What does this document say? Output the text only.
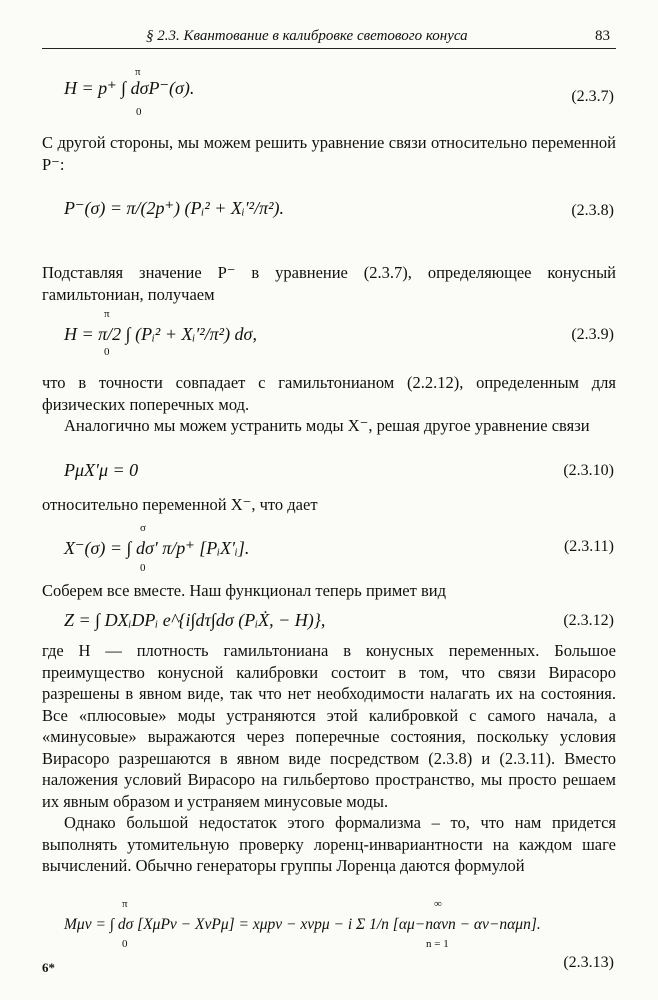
§ 2.3. Квантование в калибровке светового конуса	83
π
0
H = p⁺ ∫ dσP⁻(σ).	(2.3.7)
С другой стороны, мы можем решить уравнение связи относительно переменной P⁻:
P⁻(σ) = π/(2p⁺) (Pᵢ² + Xᵢ′²/π²).	(2.3.8)
Подставляя значение P⁻ в уравнение (2.3.7), определяющее конусный гамильтониан, получаем
π
0
H = π/2 ∫ (Pᵢ² + Xᵢ′²/π²) dσ,	(2.3.9)
что в точности совпадает с гамильтонианом (2.2.12), определенным для физических поперечных мод.
Аналогично мы можем устранить моды X⁻, решая другое уравнение связи
PμX′μ = 0	(2.3.10)
относительно переменной X⁻, что дает
σ
0
X⁻(σ) = ∫ dσ′ π/p⁺ [PᵢX′ᵢ].	(2.3.11)
Соберем все вместе. Наш функционал теперь примет вид
Z = ∫ DXᵢDPᵢ e^{i∫dτ∫dσ (PᵢẊ, − H)},	(2.3.12)
где H — плотность гамильтониана в конусных переменных. Большое преимущество конусной калибровки состоит в том, что связи Вирасоро разрешены в явном виде, так что нет необходимости налагать их на состояния. Все «плюсовые» моды устраняются этой калибровкой с самого начала, а «минусовые» выражаются через поперечные состояния, поскольку условия Вирасоро разрешаются в явном виде посредством (2.3.8) и (2.3.11). Вместо наложения условий Вирасоро на гильбертово пространство, мы просто решаем их явным образом и устраняем минусовые моды.
Однако большой недостаток этого формализма – то, что нам придется выполнять утомительную проверку лоренц-инвариантности на каждом шаге вычислений. Обычно генераторы группы Лоренца даются формулой
π
0
∞
n = 1
Mμν = ∫ dσ [XμPν − XνPμ] = xμpν − xνpμ − i Σ 1/n [αμ−nανn − αν−nαμn].
(2.3.13)
6*
